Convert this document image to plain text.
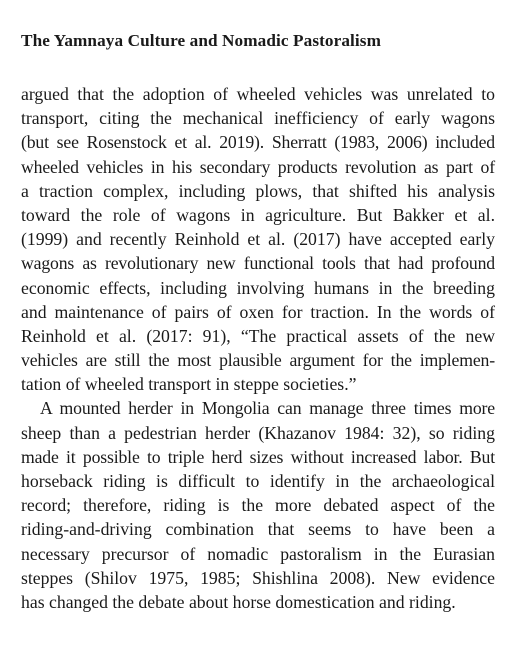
The Yamnaya Culture and Nomadic Pastoralism
argued that the adoption of wheeled vehicles was unrelated to
transport, citing the mechanical inefficiency of early wagons
(but see Rosenstock et al. 2019). Sherratt (1983, 2006) included
wheeled vehicles in his secondary products revolution as part of
a traction complex, including plows, that shifted his analysis
toward the role of wagons in agriculture. But Bakker et al.
(1999) and recently Reinhold et al. (2017) have accepted early
wagons as revolutionary new functional tools that had profound
economic effects, including involving humans in the breeding
and maintenance of pairs of oxen for traction. In the words of
Reinhold et al. (2017: 91), “The practical assets of the new
vehicles are still the most plausible argument for the implemen-
tation of wheeled transport in steppe societies.”
A mounted herder in Mongolia can manage three times more
sheep than a pedestrian herder (Khazanov 1984: 32), so riding
made it possible to triple herd sizes without increased labor. But
horseback riding is difficult to identify in the archaeological
record; therefore, riding is the more debated aspect of the
riding-and-driving combination that seems to have been a
necessary precursor of nomadic pastoralism in the Eurasian
steppes (Shilov 1975, 1985; Shishlina 2008). New evidence
has changed the debate about horse domestication and riding.
